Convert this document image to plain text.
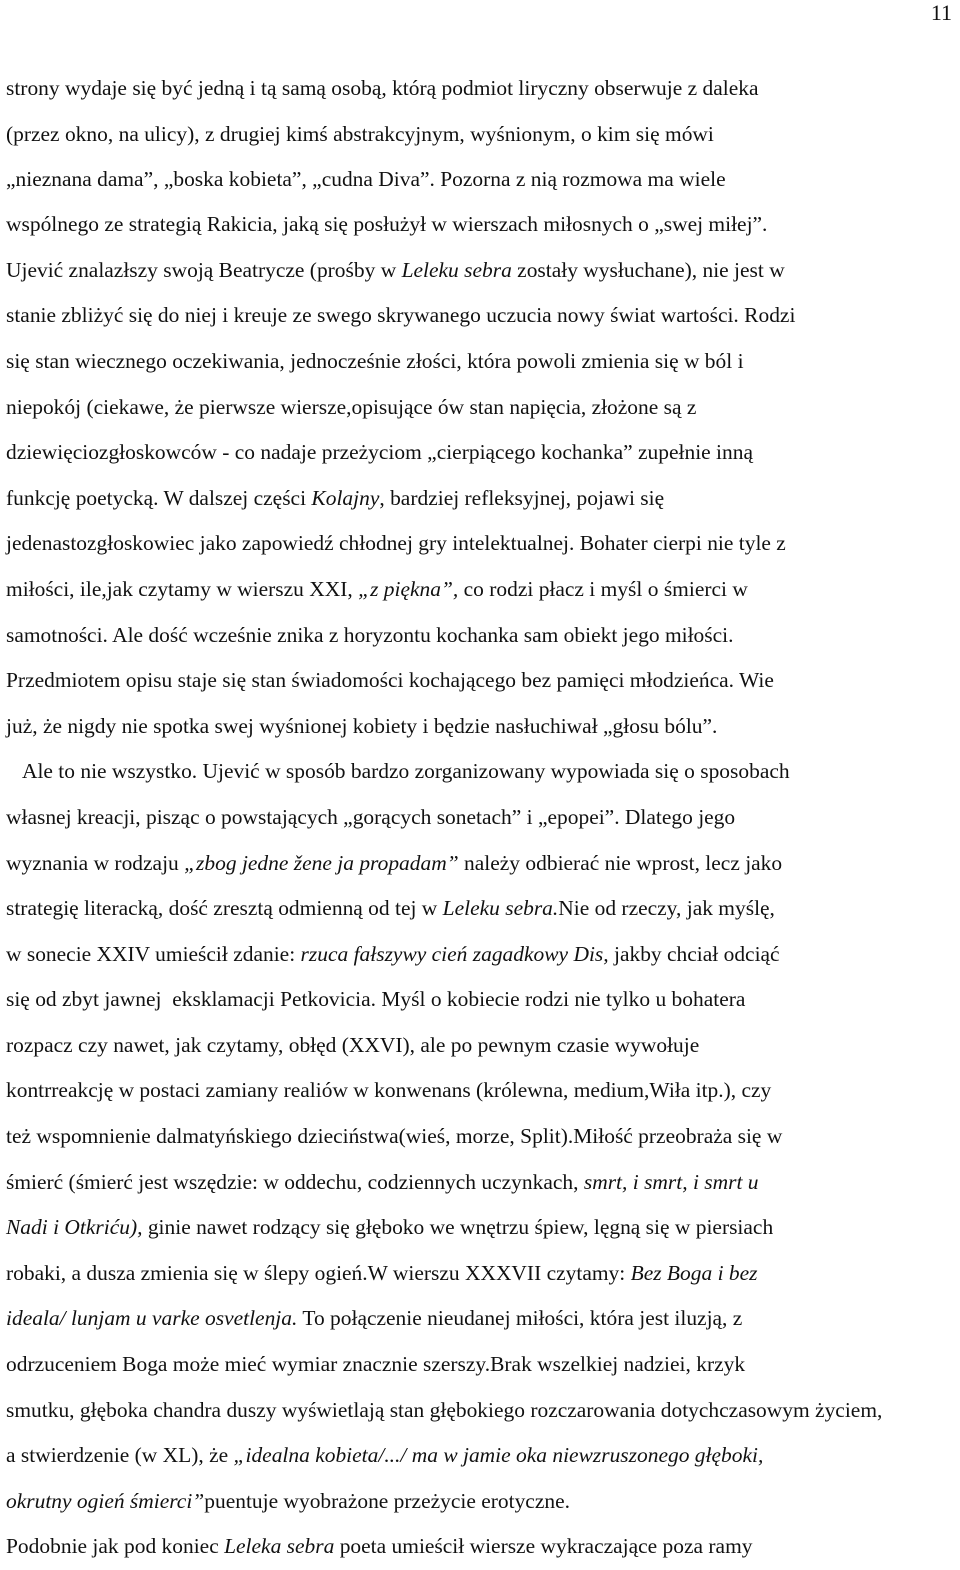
11
strony wydaje się być jedną i tą samą osobą, którą podmiot liryczny obserwuje z daleka
(przez okno, na ulicy), z drugiej kimś abstrakcyjnym, wyśnionym, o kim się mówi
„nieznana dama”, „boska kobieta”, „cudna Diva”. Pozorna z nią rozmowa ma wiele
wspólnego ze strategią Rakicia, jaką się posłużył w wierszach miłosnych o „swej miłej”.
Ujević znalazłszy swoją Beatrycze (prośby w Leleku sebra zostały wysłuchane), nie jest w
stanie zbliżyć się do niej i kreuje ze swego skrywanego uczucia nowy świat wartości. Rodzi
się stan wiecznego oczekiwania, jednocześnie złości, która powoli zmienia się w ból i
niepokój (ciekawe, że pierwsze wiersze,opisujące ów stan napięcia, złożone są z
dziewięciozgłoskowców - co nadaje przeżyciom „cierpiącego kochanka” zupełnie inną
funkcję poetycką. W dalszej części Kolajny, bardziej refleksyjnej, pojawi się
jedenastozgłoskowiec jako zapowiedź chłodnej gry intelektualnej. Bohater cierpi nie tyle z
miłości, ile,jak czytamy w wierszu XXI, „z piękna”, co rodzi płacz i myśl o śmierci w
samotności. Ale dość wcześnie znika z horyzontu kochanka sam obiekt jego miłości.
Przedmiotem opisu staje się stan świadomości kochającego bez pamięci młodzieńca. Wie
już, że nigdy nie spotka swej wyśnionej kobiety i będzie nasłuchiwał „głosu bólu”.
Ale to nie wszystko. Ujević w sposób bardzo zorganizowany wypowiada się o sposobach
własnej kreacji, pisząc o powstających „gorących sonetach” i „epopei”. Dlatego jego
wyznania w rodzaju „zbog jedne žene ja propadam” należy odbierać nie wprost, lecz jako
strategię literacką, dość zresztą odmienną od tej w Leleku sebra.Nie od rzeczy, jak myślę,
w sonecie XXIV umieścił zdanie: rzuca fałszywy cień zagadkowy Dis, jakby chciał odciąć
się od zbyt jawnej  eksklamacji Petkovicia. Myśl o kobiecie rodzi nie tylko u bohatera
rozpacz czy nawet, jak czytamy, obłęd (XXVI), ale po pewnym czasie wywołuje
kontrreakcję w postaci zamiany realiów w konwenans (królewna, medium,Wiła itp.), czy
też wspomnienie dalmatyńskiego dzieciństwa(wieś, morze, Split).Miłość przeobraża się w
śmierć (śmierć jest wszędzie: w oddechu, codziennych uczynkach, smrt, i smrt, i smrt u
Nadi i Otkriću), ginie nawet rodzący się głęboko we wnętrzu śpiew, lęgną się w piersiach
robaki, a dusza zmienia się w ślepy ogień.W wierszu XXXVII czytamy: Bez Boga i bez
ideala/ lunjam u varke osvetlenja. To połączenie nieudanej miłości, która jest iluzją, z
odrzuceniem Boga może mieć wymiar znacznie szerszy.Brak wszelkiej nadziei, krzyk
smutku, głęboka chandra duszy wyświetlają stan głębokiego rozczarowania dotychczasowym życiem,
a stwierdzenie (w XL), że „idealna kobieta/.../ ma w jamie oka niewzruszonego głęboki,
okrutny ogień śmierci”puentuje wyobrażone przeżycie erotyczne.
Podobnie jak pod koniec Leleka sebra poeta umieścił wiersze wykraczające poza ramy
